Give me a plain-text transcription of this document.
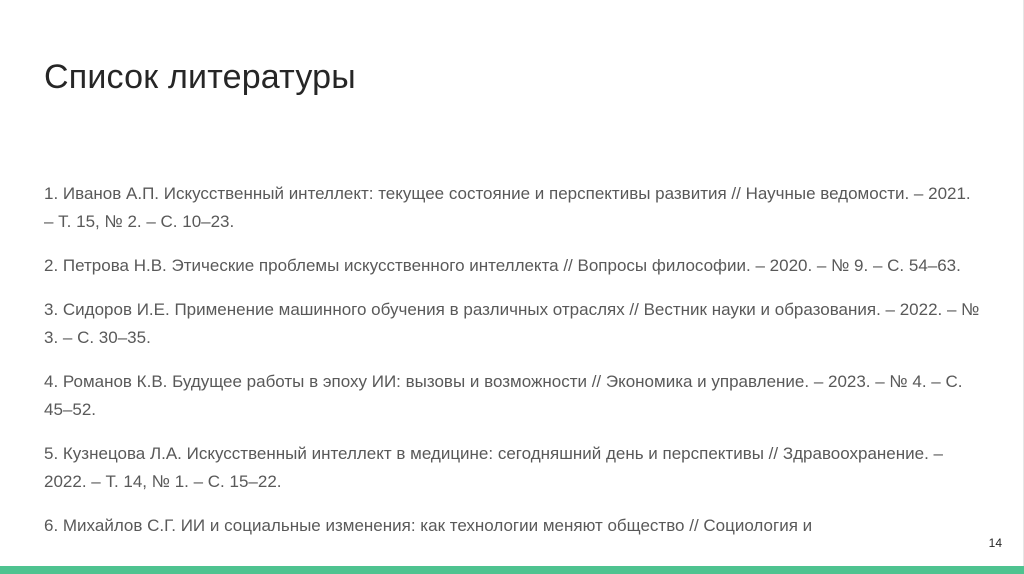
Список литературы
1. Иванов А.П. Искусственный интеллект: текущее состояние и перспективы развития // Научные ведомости. – 2021. – Т. 15, № 2. – С. 10–23.
2. Петрова Н.В. Этические проблемы искусственного интеллекта // Вопросы философии. – 2020. – № 9. – С. 54–63.
3. Сидоров И.Е. Применение машинного обучения в различных отраслях // Вестник науки и образования. – 2022. – № 3. – С. 30–35.
4. Романов К.В. Будущее работы в эпоху ИИ: вызовы и возможности // Экономика и управление. – 2023. – № 4. – С. 45–52.
5. Кузнецова Л.А. Искусственный интеллект в медицине: сегодняшний день и перспективы // Здравоохранение. – 2022. – Т. 14, № 1. – С. 15–22.
6. Михайлов С.Г. ИИ и социальные изменения: как технологии меняют общество // Социология и
14
